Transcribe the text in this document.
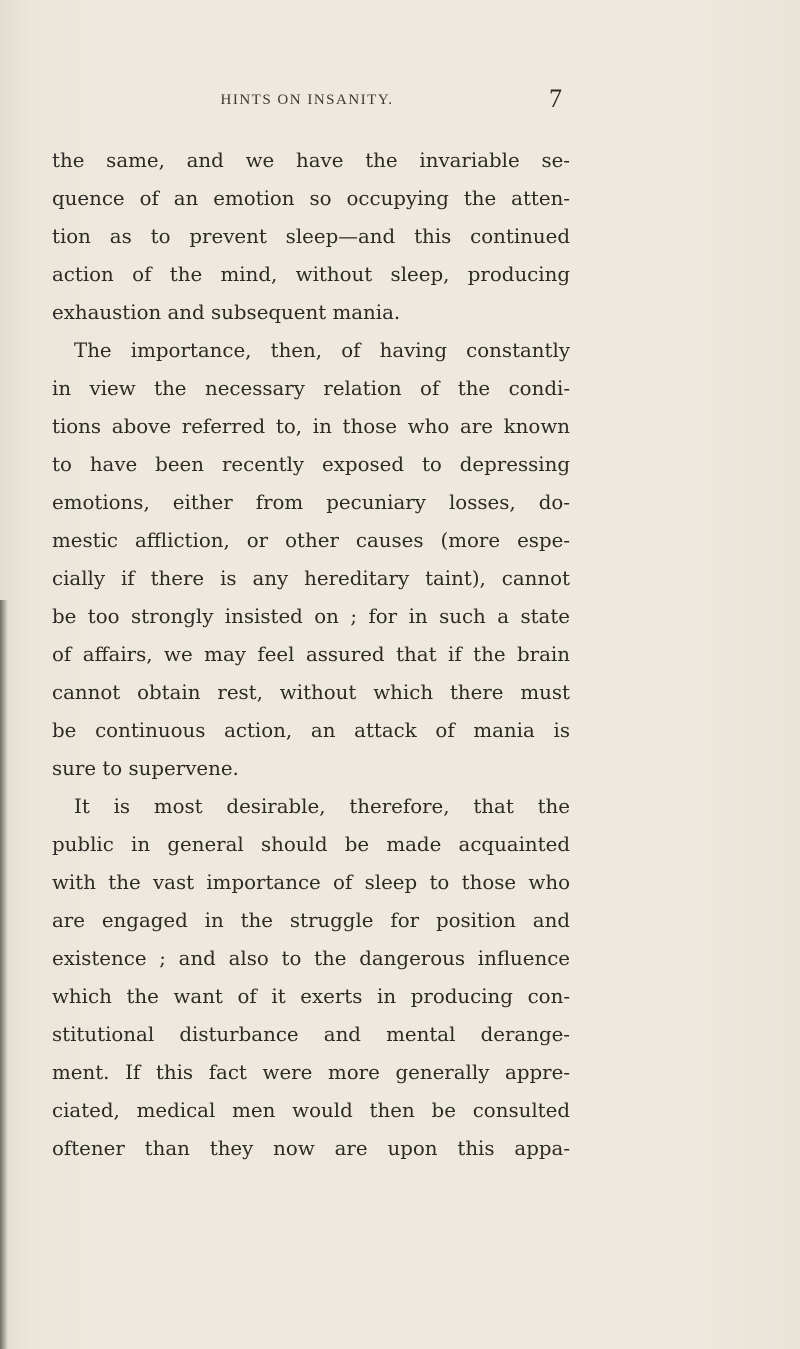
HINTS ON INSANITY.	7
the same, and we have the invariable se-
quence of an emotion so occupying the atten-
tion as to prevent sleep—and this continued
action of the mind, without sleep, producing
exhaustion and subsequent mania.
The importance, then, of having constantly
in view the necessary relation of the condi-
tions above referred to, in those who are known
to have been recently exposed to depressing
emotions, either from pecuniary losses, do-
mestic affliction, or other causes (more espe-
cially if there is any hereditary taint), cannot
be too strongly insisted on ; for in such a state
of affairs, we may feel assured that if the brain
cannot obtain rest, without which there must
be continuous action, an attack of mania is
sure to supervene.
It is most desirable, therefore, that the
public in general should be made acquainted
with the vast importance of sleep to those who
are engaged in the struggle for position and
existence ; and also to the dangerous influence
which the want of it exerts in producing con-
stitutional disturbance and mental derange-
ment. If this fact were more generally appre-
ciated, medical men would then be consulted
oftener than they now are upon this appa-
